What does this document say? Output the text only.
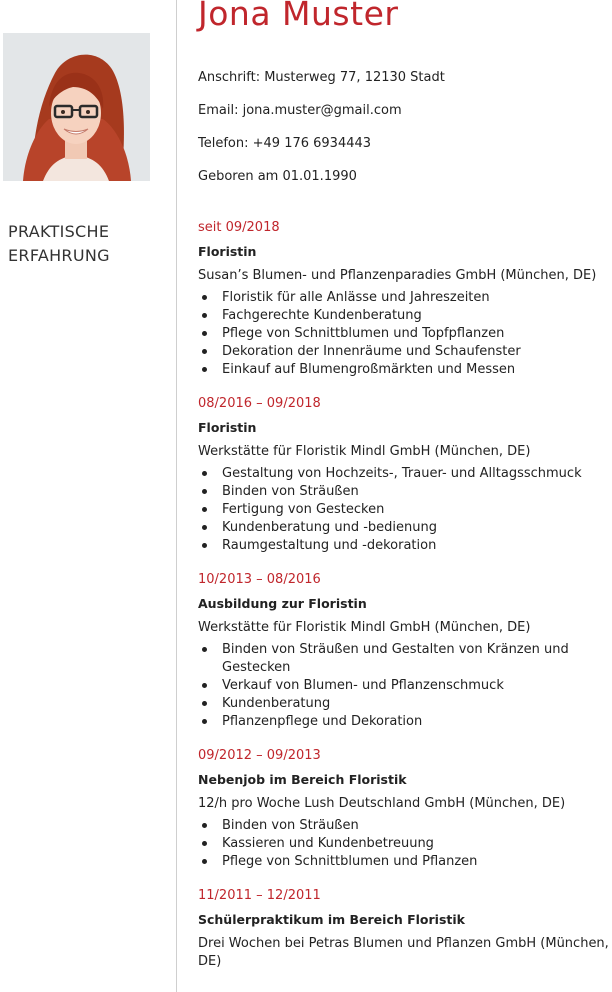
Jona Muster
Anschrift: Musterweg 77, 12130 Stadt
Email: jona.muster@gmail.com
Telefon: +49 176 6934443
Geboren am 01.01.1990
PRAKTISCHE ERFAHRUNG
seit 09/2018
Floristin
Susan’s Blumen- und Pflanzenparadies GmbH (München, DE)
Floristik für alle Anlässe und Jahreszeiten
Fachgerechte Kundenberatung
Pflege von Schnittblumen und Topfpflanzen
Dekoration der Innenräume und Schaufenster
Einkauf auf Blumengroßmärkten und Messen
08/2016 – 09/2018
Floristin
Werkstätte für Floristik Mindl GmbH (München, DE)
Gestaltung von Hochzeits-, Trauer- und Alltagsschmuck
Binden von Sträußen
Fertigung von Gestecken
Kundenberatung und -bedienung
Raumgestaltung und -dekoration
10/2013 – 08/2016
Ausbildung zur Floristin
Werkstätte für Floristik Mindl GmbH (München, DE)
Binden von Sträußen und Gestalten von Kränzen und Gestecken
Verkauf von Blumen- und Pflanzenschmuck
Kundenberatung
Pflanzenpflege und Dekoration
09/2012 – 09/2013
Nebenjob im Bereich Floristik
12/h pro Woche Lush Deutschland GmbH (München, DE)
Binden von Sträußen
Kassieren und Kundenbetreuung
Pflege von Schnittblumen und Pflanzen
11/2011 – 12/2011
Schülerpraktikum im Bereich Floristik
Drei Wochen bei Petras Blumen und Pflanzen GmbH (München, DE)
